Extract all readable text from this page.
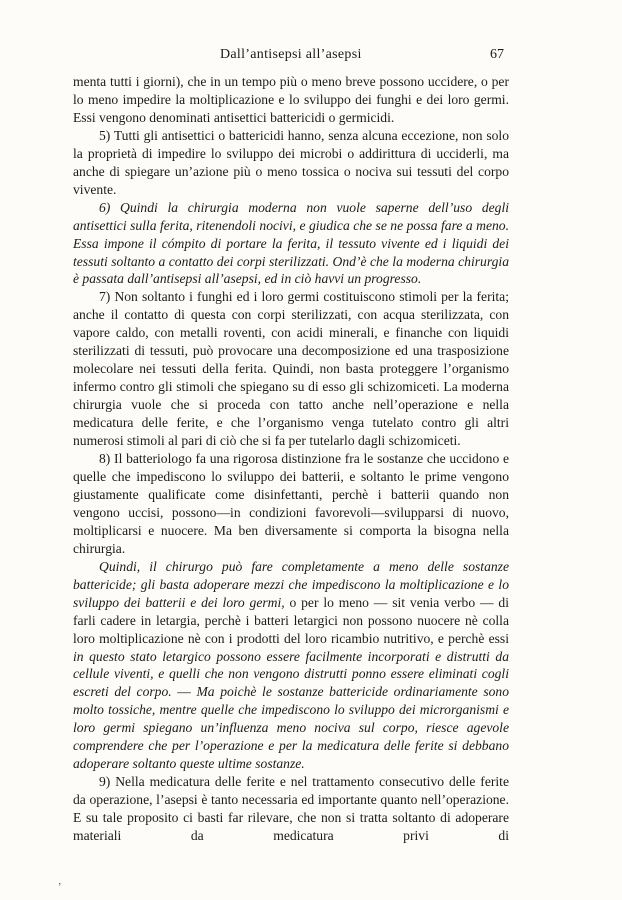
Dall’antisepsi all’asepsi	67

menta tutti i giorni), che in un tempo più o meno breve possono uccidere, o per lo meno impedire la moltiplicazione e lo sviluppo dei funghi e dei loro germi. Essi vengono denominati antisettici battericidi o germicidi.

5) Tutti gli antisettici o battericidi hanno, senza alcuna eccezione, non solo la proprietà di impedire lo sviluppo dei microbi o addirittura di ucciderli, ma anche di spiegare un’azione più o meno tossica o nociva sui tessuti del corpo vivente.

6) Quindi la chirurgia moderna non vuole saperne dell’uso degli antisettici sulla ferita, ritenendoli nocivi, e giudica che se ne possa fare a meno. Essa impone il cómpito di portare la ferita, il tessuto vivente ed i liquidi dei tessuti soltanto a contatto dei corpi sterilizzati. Ond’è che la moderna chirurgia è passata dall’antisepsi all’asepsi, ed in ciò havvi un progresso.

7) Non soltanto i funghi ed i loro germi costituiscono stimoli per la ferita; anche il contatto di questa con corpi sterilizzati, con acqua sterilizzata, con vapore caldo, con metalli roventi, con acidi minerali, e finanche con liquidi sterilizzati di tessuti, può provocare una decomposizione ed una trasposizione molecolare nei tessuti della ferita. Quindi, non basta proteggere l’organismo infermo contro gli stimoli che spiegano su di esso gli schizomiceti. La moderna chirurgia vuole che si proceda con tatto anche nell’operazione e nella medicatura delle ferite, e che l’organismo venga tutelato contro gli altri numerosi stimoli al pari di ciò che si fa per tutelarlo dagli schizomiceti.

8) Il batteriologo fa una rigorosa distinzione fra le sostanze che uccidono e quelle che impediscono lo sviluppo dei batterii, e soltanto le prime vengono giustamente qualificate come disinfettanti, perchè i batterii quando non vengono uccisi, possono—in condizioni favorevoli—svilupparsi di nuovo, moltiplicarsi e nuocere. Ma ben diversamente si comporta la bisogna nella chirurgia.

Quindi, il chirurgo può fare completamente a meno delle sostanze battericide; gli basta adoperare mezzi che impediscono la moltiplicazione e lo sviluppo dei batterii e dei loro germi, o per lo meno — sit venia verbo — di farli cadere in letargia, perchè i batteri letargici non possono nuocere nè colla loro moltiplicazione nè con i prodotti del loro ricambio nutritivo, e perchè essi in questo stato letargico possono essere facilmente incorporati e distrutti da cellule viventi, e quelli che non vengono distrutti ponno essere eliminati cogli escreti del corpo. — Ma poichè le sostanze battericide ordinariamente sono molto tossiche, mentre quelle che impediscono lo sviluppo dei microrganismi e loro germi spiegano un’influenza meno nociva sul corpo, riesce agevole comprendere che per l’operazione e per la medicatura delle ferite si debbano adoperare soltanto queste ultime sostanze.

9) Nella medicatura delle ferite e nel trattamento consecutivo delle ferite da operazione, l’asepsi è tanto necessaria ed importante quanto nell’operazione. E su tale proposito ci basti far rilevare, che non si tratta soltanto di adoperare materiali da medicatura privi di

‚
